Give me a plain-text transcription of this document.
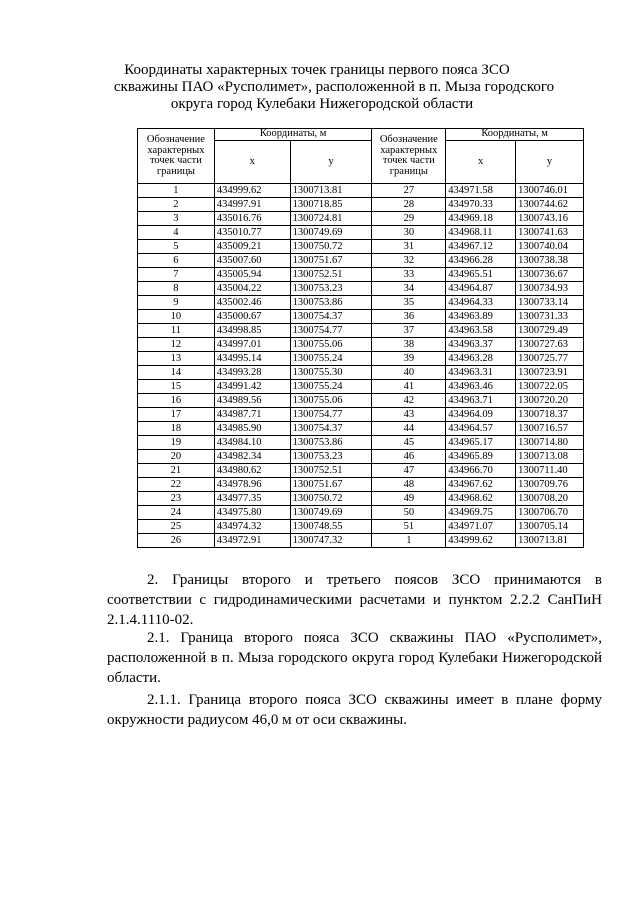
Координаты характерных точек границы первого пояса ЗСО
скважины ПАО «Русполимет», расположенной в п. Мыза городского
округа город Кулебаки Нижегородской области
Обозначение характерных точек части границы	Координаты, м		Обозначение характерных точек части границы	Координаты, м	
	х	у		х	у
1	434999.62	1300713.81	27	434971.58	1300746.01
2	434997.91	1300718.85	28	434970.33	1300744.62
3	435016.76	1300724.81	29	434969.18	1300743.16
4	435010.77	1300749.69	30	434968.11	1300741.63
5	435009.21	1300750.72	31	434967.12	1300740.04
6	435007.60	1300751.67	32	434966.28	1300738.38
7	435005.94	1300752.51	33	434965.51	1300736.67
8	435004.22	1300753.23	34	434964.87	1300734.93
9	435002.46	1300753.86	35	434964.33	1300733.14
10	435000.67	1300754.37	36	434963.89	1300731.33
11	434998.85	1300754.77	37	434963.58	1300729.49
12	434997.01	1300755.06	38	434963.37	1300727.63
13	434995.14	1300755.24	39	434963.28	1300725.77
14	434993.28	1300755.30	40	434963.31	1300723.91
15	434991.42	1300755.24	41	434963.46	1300722.05
16	434989.56	1300755.06	42	434963.71	1300720.20
17	434987.71	1300754.77	43	434964.09	1300718.37
18	434985.90	1300754.37	44	434964.57	1300716.57
19	434984.10	1300753.86	45	434965.17	1300714.80
20	434982.34	1300753.23	46	434965.89	1300713.08
21	434980.62	1300752.51	47	434966.70	1300711.40
22	434978.96	1300751.67	48	434967.62	1300709.76
23	434977.35	1300750.72	49	434968.62	1300708.20
24	434975.80	1300749.69	50	434969.75	1300706.70
25	434974.32	1300748.55	51	434971.07	1300705.14
26	434972.91	1300747.32	1	434999.62	1300713.81
2. Границы второго и третьего поясов ЗСО принимаются в соответствии с гидродинамическими расчетами и пунктом 2.2.2 СанПиН 2.1.4.1110-02.
2.1. Граница второго пояса ЗСО скважины ПАО «Русполимет», расположенной в п. Мыза городского округа город Кулебаки Нижегородской области.
2.1.1. Граница второго пояса ЗСО скважины имеет в плане форму окружности радиусом 46,0 м от оси скважины.
